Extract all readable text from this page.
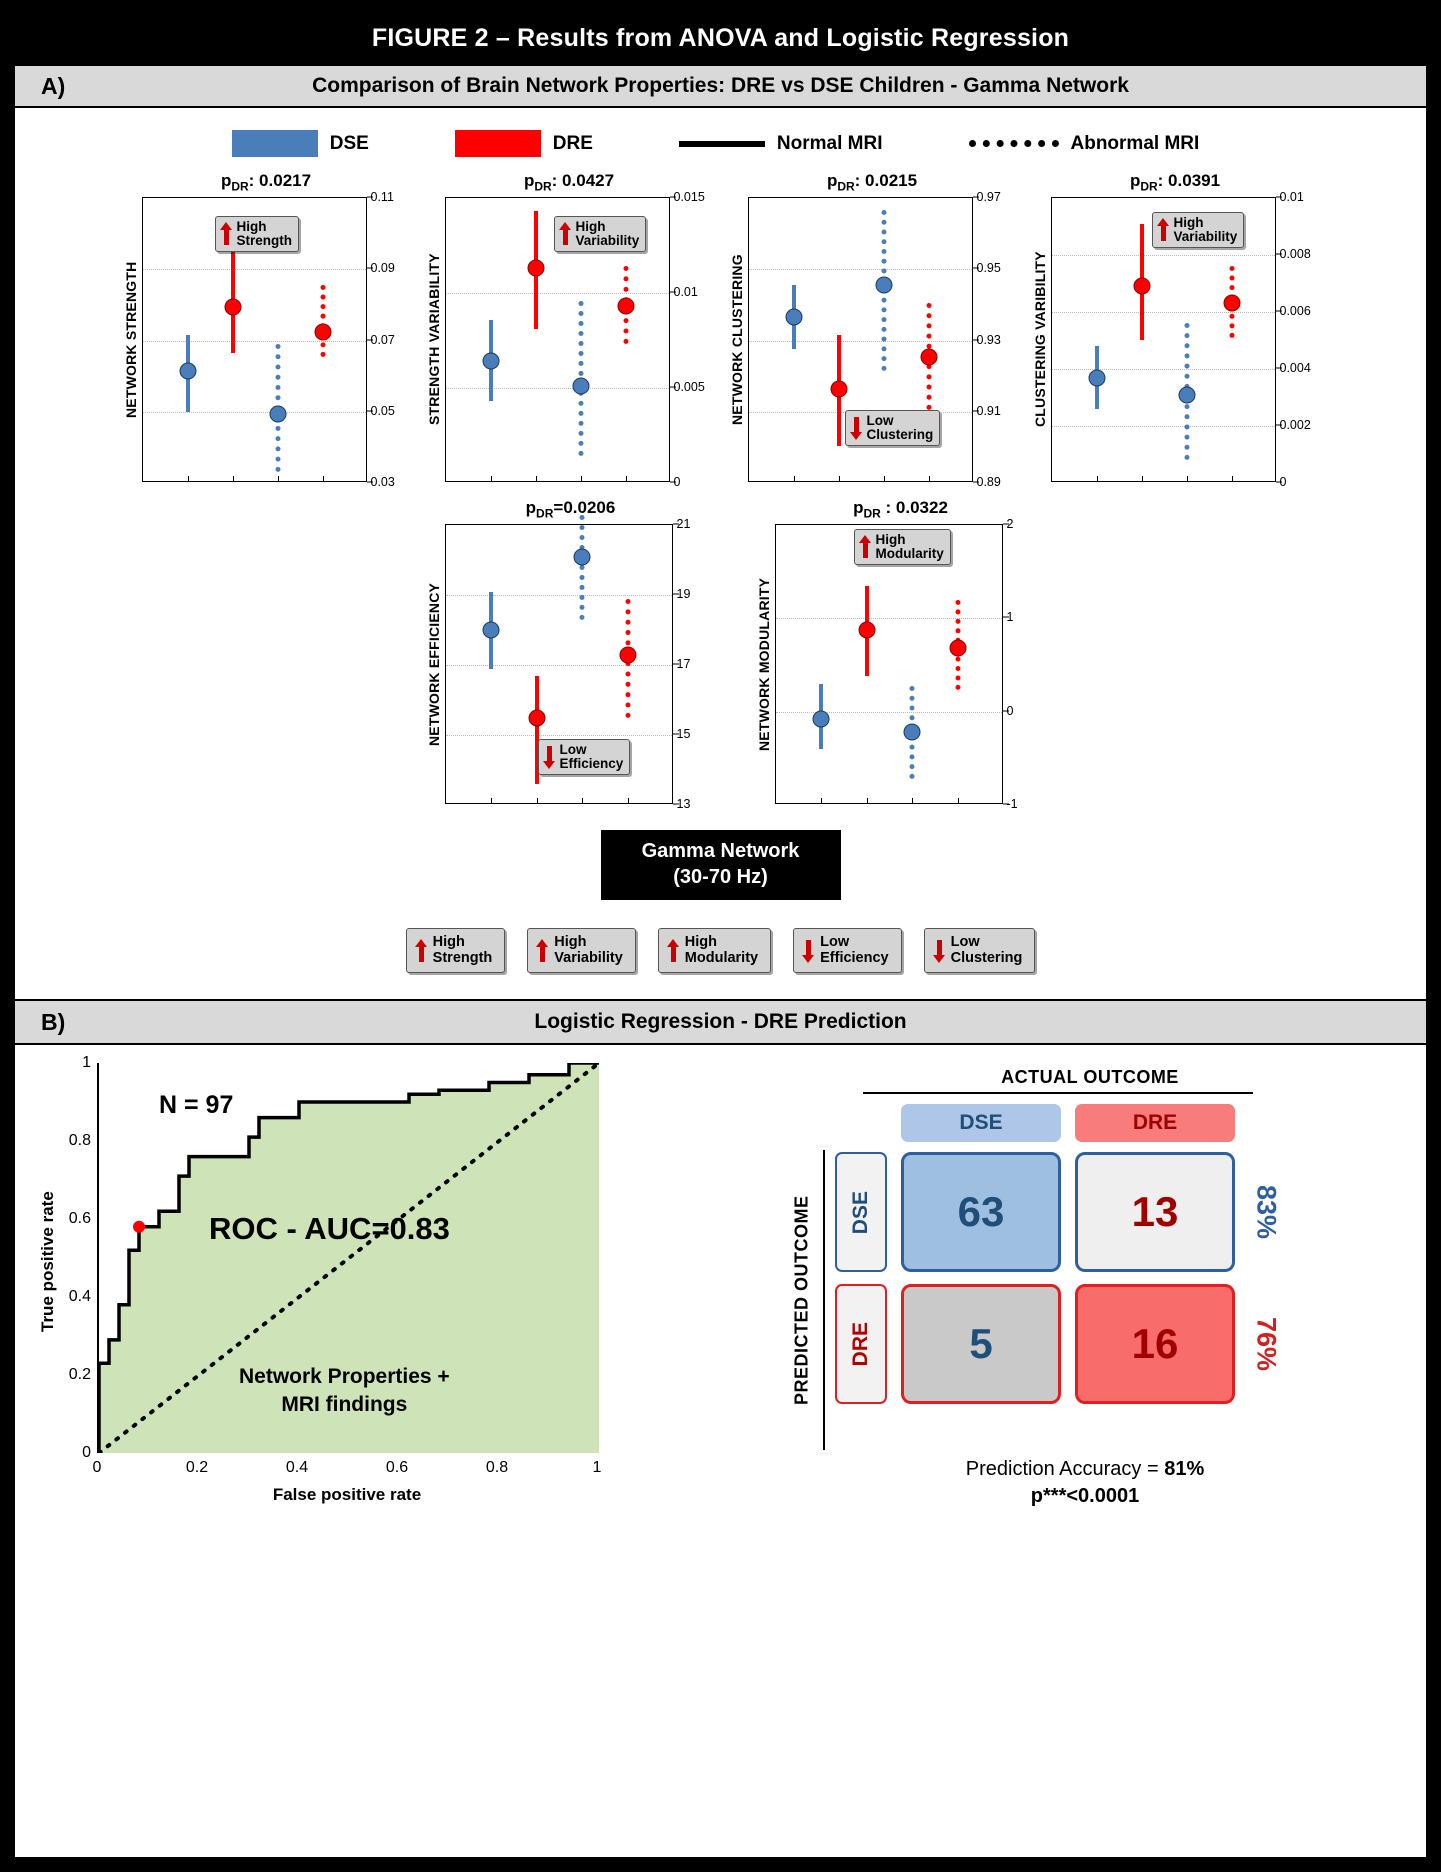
FIGURE 2 – Results from ANOVA and Logistic Regression
A)	Comparison of Brain Network Properties: DRE vs DSE Children - Gamma Network
DSE	DRE	Normal MRI	Abnormal MRI
$p_{DR}$: 0.0217
NETWORK STRENGTH
High
Strength
0.03
0.05
0.07
0.09
0.11
$p_{DR}$: 0.0427
STRENGTH VARIABILITY
High
Variability
0
0.005
0.01
0.015
$p_{DR}$: 0.0215
NETWORK CLUSTERING	Low
Clustering
0.89
0.91
0.93
0.95
0.97
$p_{DR}$: 0.0391
CLUSTERING VARIBILITY
High
Variability
0
0.002
0.004
0.006
0.008
0.01
$p_{DR}=0.0206$
NETWORK EFFICIENCY
Low
Efficiency
13
15
17
19
21
$p_{DR}$ : 0.0322
NETWORK MODULARITY
High
Modularity
-1
0
1
2
Gamma Network
(30-70 Hz)
High
Strength
High
Variability
High
Modularity
Low
Efficiency
Low
Clustering
B)	Logistic Regression - DRE Prediction
True positive rate
0
0.2
0.4
0.6
0.8
1
N = 97
ROC - AUC=0.83
Network Properties +
MRI findings
0	0.2	0.4	0.6	0.8	1
False positive rate
ACTUAL OUTCOME
PREDICTED OUTCOME
DSE	DRE
DSE	63	13	83%
DRE	5	16	76%
Prediction Accuracy = 81%
p***<0.0001
